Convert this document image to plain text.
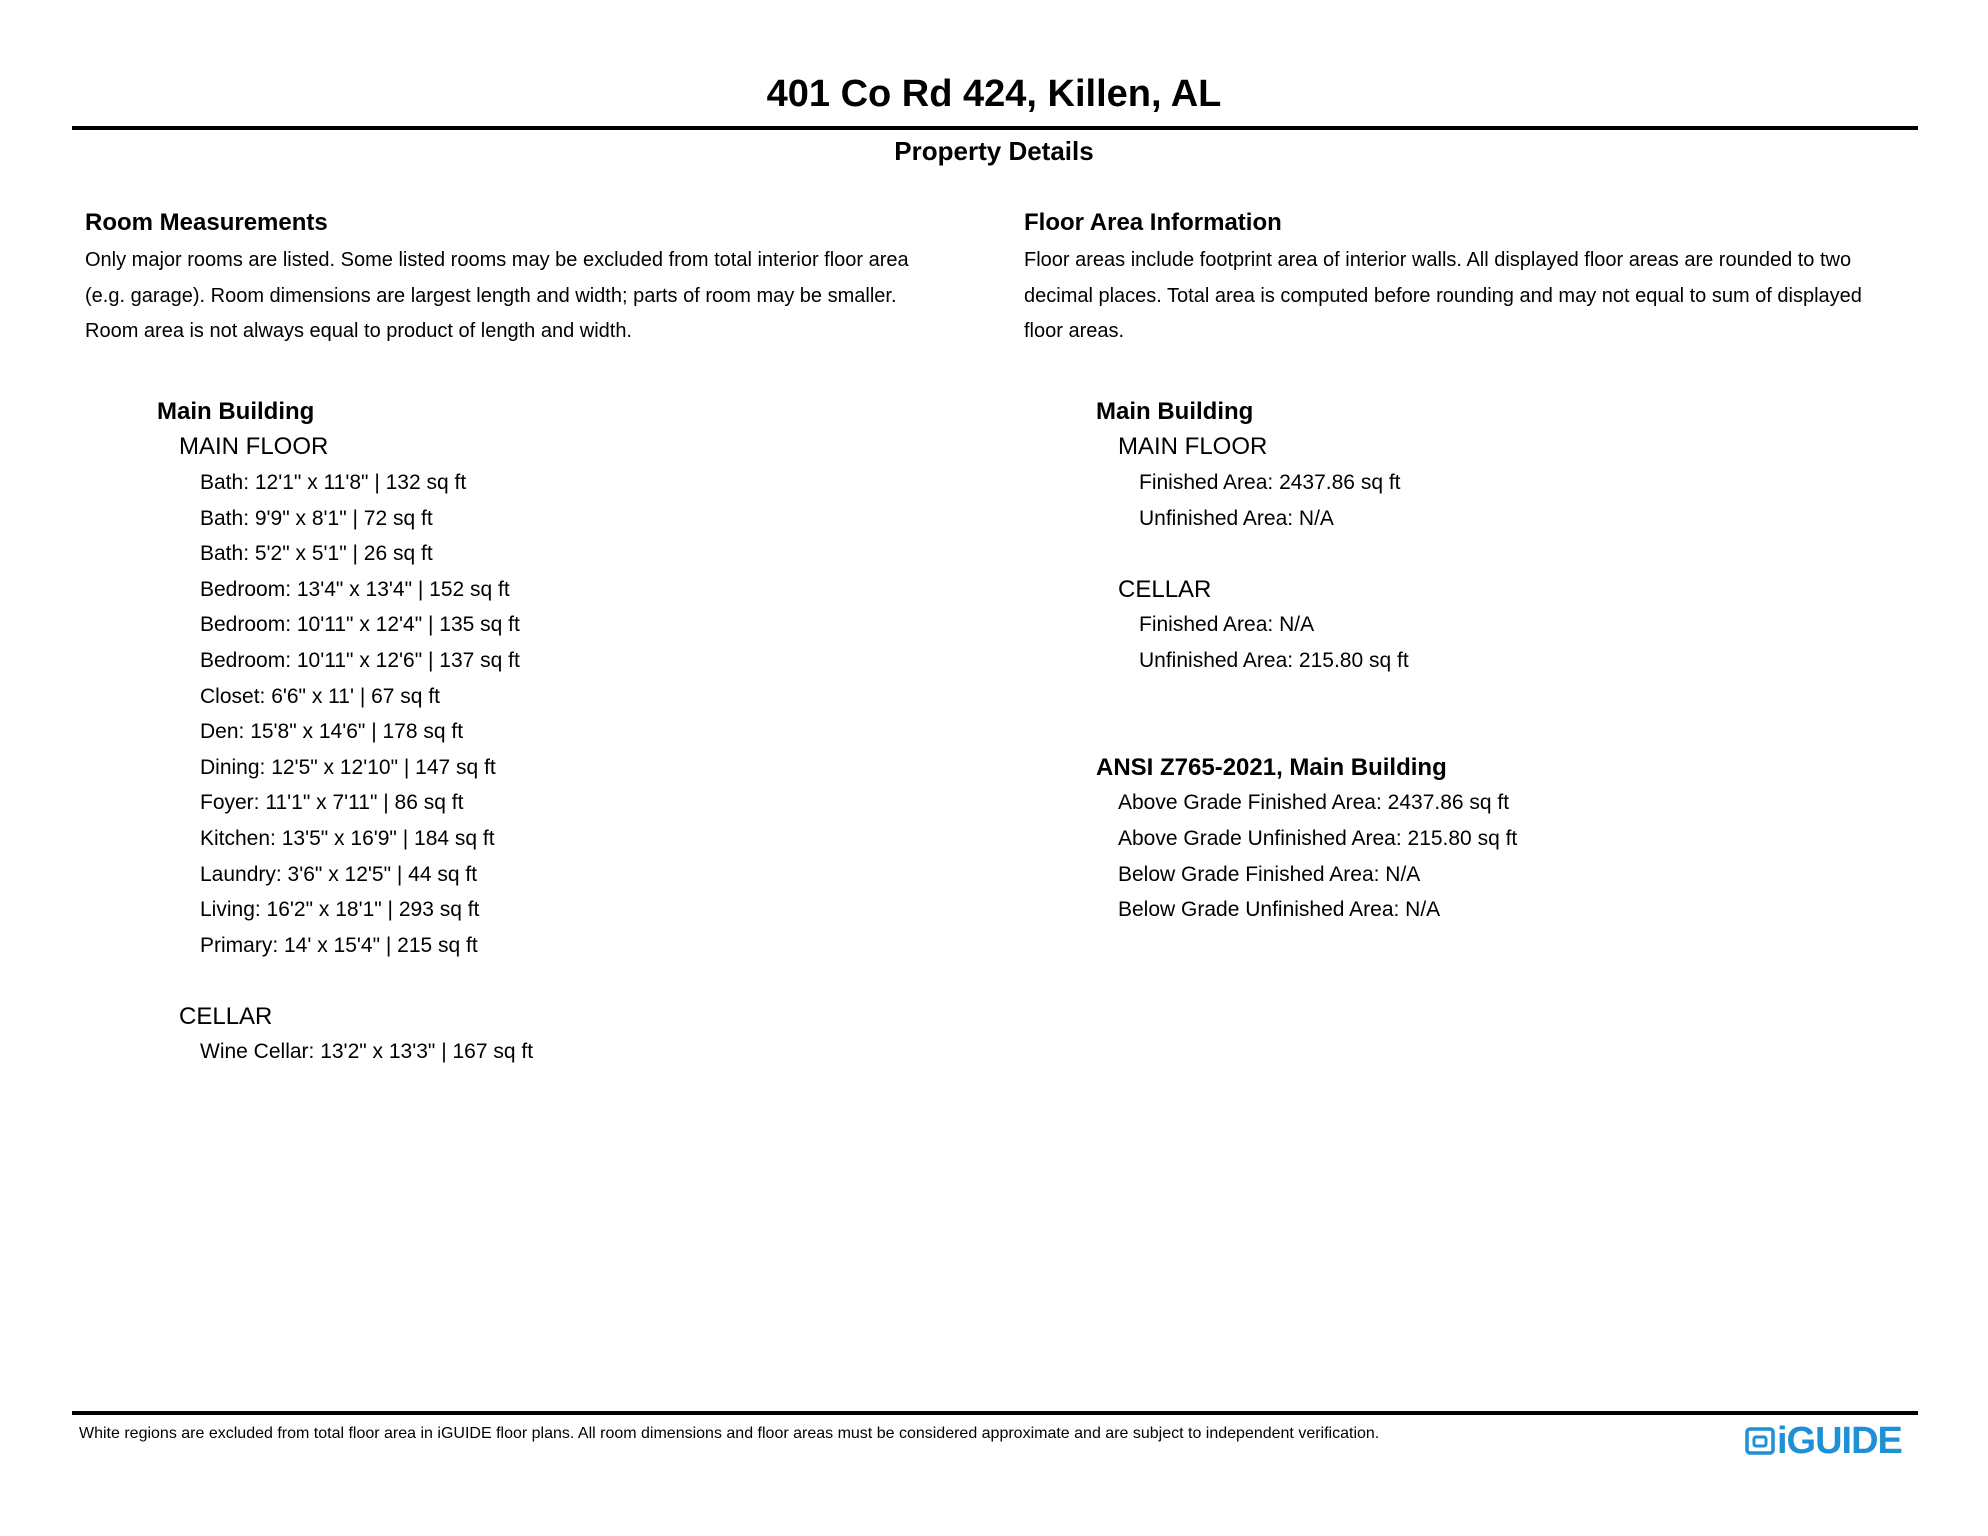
401 Co Rd 424, Killen, AL
Property Details

Room Measurements

Only major rooms are listed. Some listed rooms may be excluded from total interior floor area

(e.g. garage). Room dimensions are largest length and width; parts of room may be smaller.

Room area is not always equal to product of length and width.

Main Building

MAIN FLOOR

Bath: 12'1" x 11'8" | 132 sq ft

Bath: 9'9" x 8'1" | 72 sq ft

Bath: 5'2" x 5'1" | 26 sq ft

Bedroom: 13'4" x 13'4" | 152 sq ft

Bedroom: 10'11" x 12'4" | 135 sq ft

Bedroom: 10'11" x 12'6" | 137 sq ft

Closet: 6'6" x 11' | 67 sq ft

Den: 15'8" x 14'6" | 178 sq ft

Dining: 12'5" x 12'10" | 147 sq ft

Foyer: 11'1" x 7'11" | 86 sq ft

Kitchen: 13'5" x 16'9" | 184 sq ft

Laundry: 3'6" x 12'5" | 44 sq ft

Living: 16'2" x 18'1" | 293 sq ft

Primary: 14' x 15'4" | 215 sq ft

CELLAR

Wine Cellar: 13'2" x 13'3" | 167 sq ft

Floor Area Information

Floor areas include footprint area of interior walls. All displayed floor areas are rounded to two

decimal places. Total area is computed before rounding and may not equal to sum of displayed

floor areas.

Main Building

MAIN FLOOR

Finished Area: 2437.86 sq ft

Unfinished Area: N/A

CELLAR

Finished Area: N/A

Unfinished Area: 215.80 sq ft

ANSI Z765-2021, Main Building

Above Grade Finished Area: 2437.86 sq ft

Above Grade Unfinished Area: 215.80 sq ft

Below Grade Finished Area: N/A

Below Grade Unfinished Area: N/A

White regions are excluded from total floor area in iGUIDE floor plans. All room dimensions and floor areas must be considered approximate and are subject to independent verification.	iGUIDE
